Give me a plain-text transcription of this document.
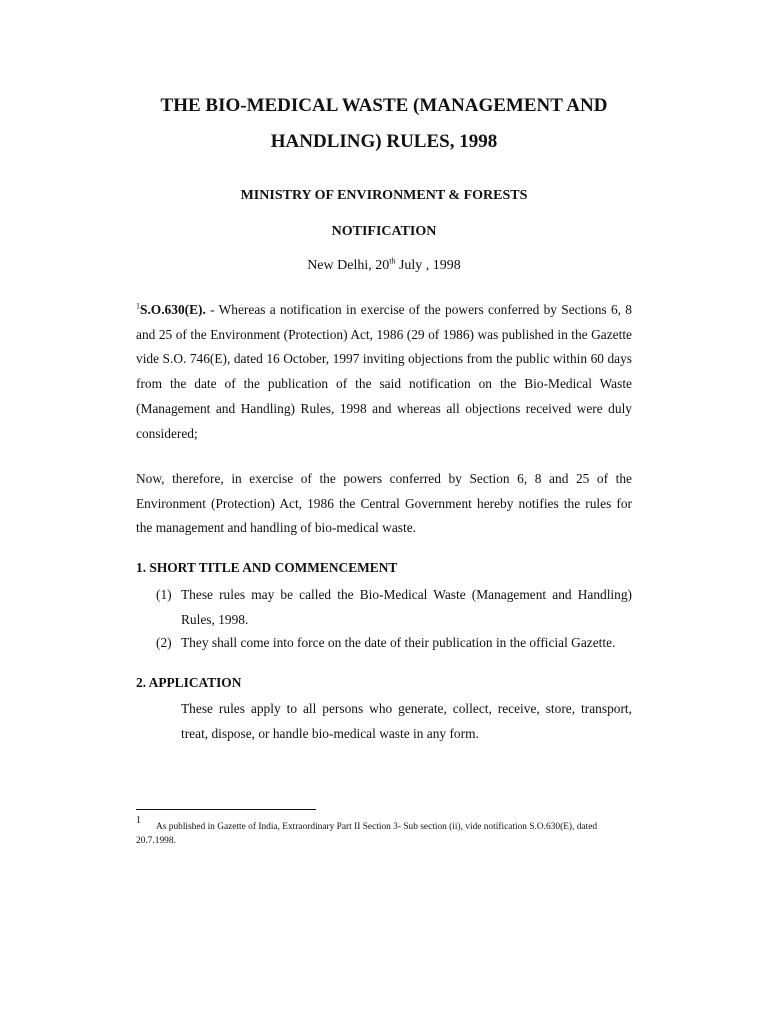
THE BIO-MEDICAL WASTE (MANAGEMENT AND
HANDLING) RULES, 1998

MINISTRY OF ENVIRONMENT & FORESTS

NOTIFICATION

New Delhi, 20th July , 1998

$^1$S.O.630(E). - Whereas a notification in exercise of the powers conferred by Sections 6, 8 and 25 of the Environment (Protection) Act, 1986 (29 of 1986) was published in the Gazette vide S.O. 746(E), dated 16 October, 1997 inviting objections from the public within 60 days from the date of the publication of the said notification on the Bio-Medical Waste (Management and Handling) Rules, 1998 and whereas all objections received were duly considered;

Now, therefore, in exercise of the powers conferred by Section 6, 8 and 25 of the Environment (Protection) Act, 1986 the Central Government hereby notifies the rules for the management and handling of bio-medical waste.

1. SHORT TITLE AND COMMENCEMENT

(1) These rules may be called the Bio-Medical Waste (Management and Handling) Rules, 1998.
(2) They shall come into force on the date of their publication in the official Gazette.

2. APPLICATION

These rules apply to all persons who generate, collect, receive, store, transport, treat, dispose, or handle bio-medical waste in any form.

1

As published in Gazette of India, Extraordinary Part II Section 3- Sub section (ii), vide notification S.O.630(E), dated 20.7.1998.
